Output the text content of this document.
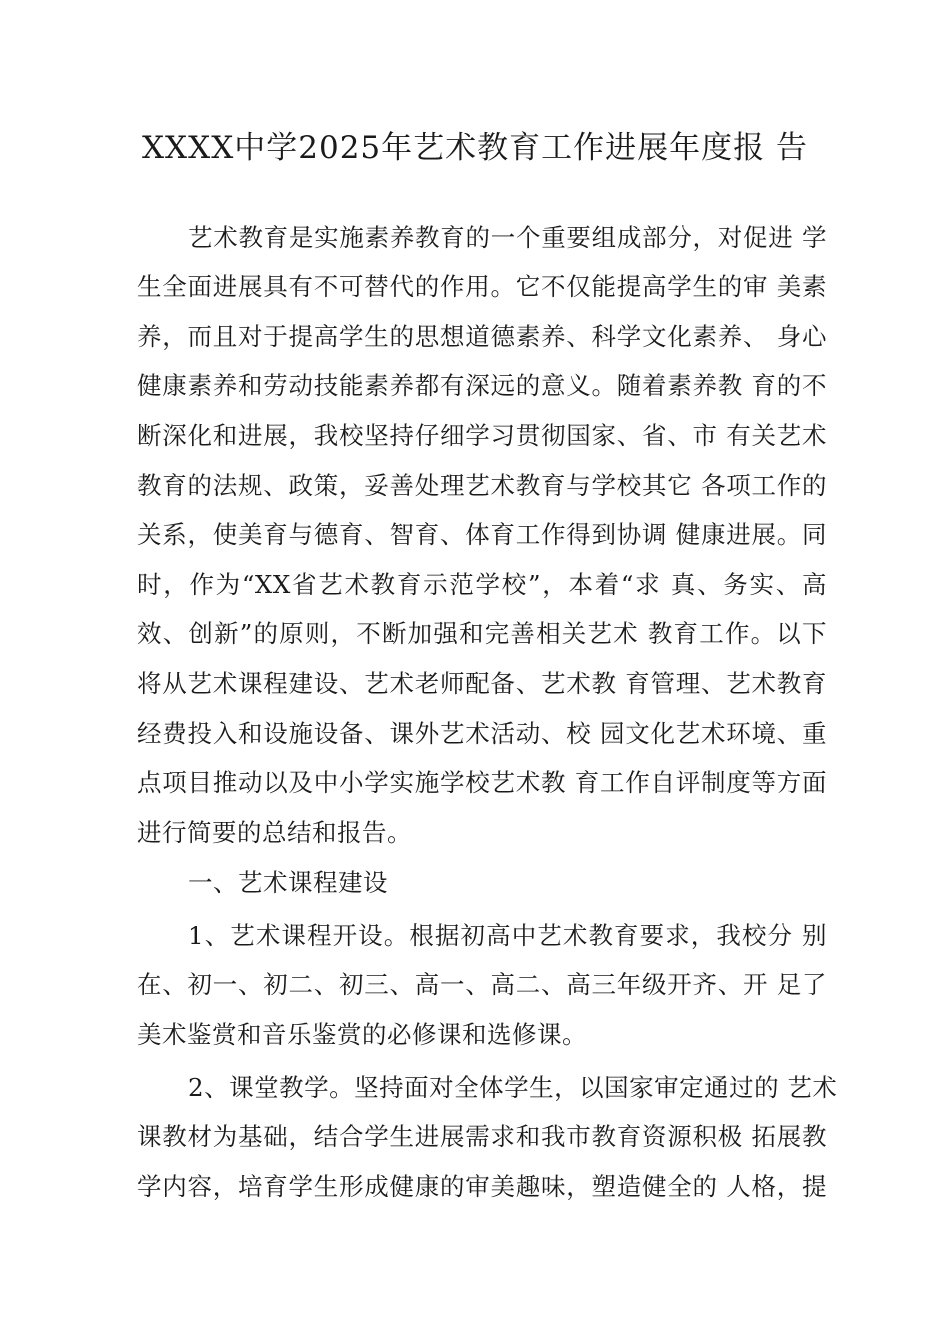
XXXX中学2025年艺术教育工作进展年度报 告
艺术教育是实施素养教育的一个重要组成部分，对促进 学
生全面进展具有不可替代的作用。它不仅能提高学生的审 美素
养，而且对于提高学生的思想道德素养、科学文化素养、 身心
健康素养和劳动技能素养都有深远的意义。随着素养教 育的不
断深化和进展，我校坚持仔细学习贯彻国家、省、市 有关艺术
教育的法规、政策，妥善处理艺术教育与学校其它 各项工作的
关系，使美育与德育、智育、体育工作得到协调 健康进展。同
时，作为“XX省艺术教育示范学校”，本着“求 真、务实、高
效、创新”的原则，不断加强和完善相关艺术 教育工作。以下
将从艺术课程建设、艺术老师配备、艺术教 育管理、艺术教育
经费投入和设施设备、课外艺术活动、校 园文化艺术环境、重
点项目推动以及中小学实施学校艺术教 育工作自评制度等方面
进行简要的总结和报告。
一、艺术课程建设
1、艺术课程开设。根据初高中艺术教育要求，我校分 别
在、初一、初二、初三、高一、高二、高三年级开齐、开 足了
美术鉴赏和音乐鉴赏的必修课和选修课。
2、课堂教学。坚持面对全体学生，以国家审定通过的 艺术
课教材为基础，结合学生进展需求和我市教育资源积极 拓展教
学内容，培育学生形成健康的审美趣味，塑造健全的 人格，提
